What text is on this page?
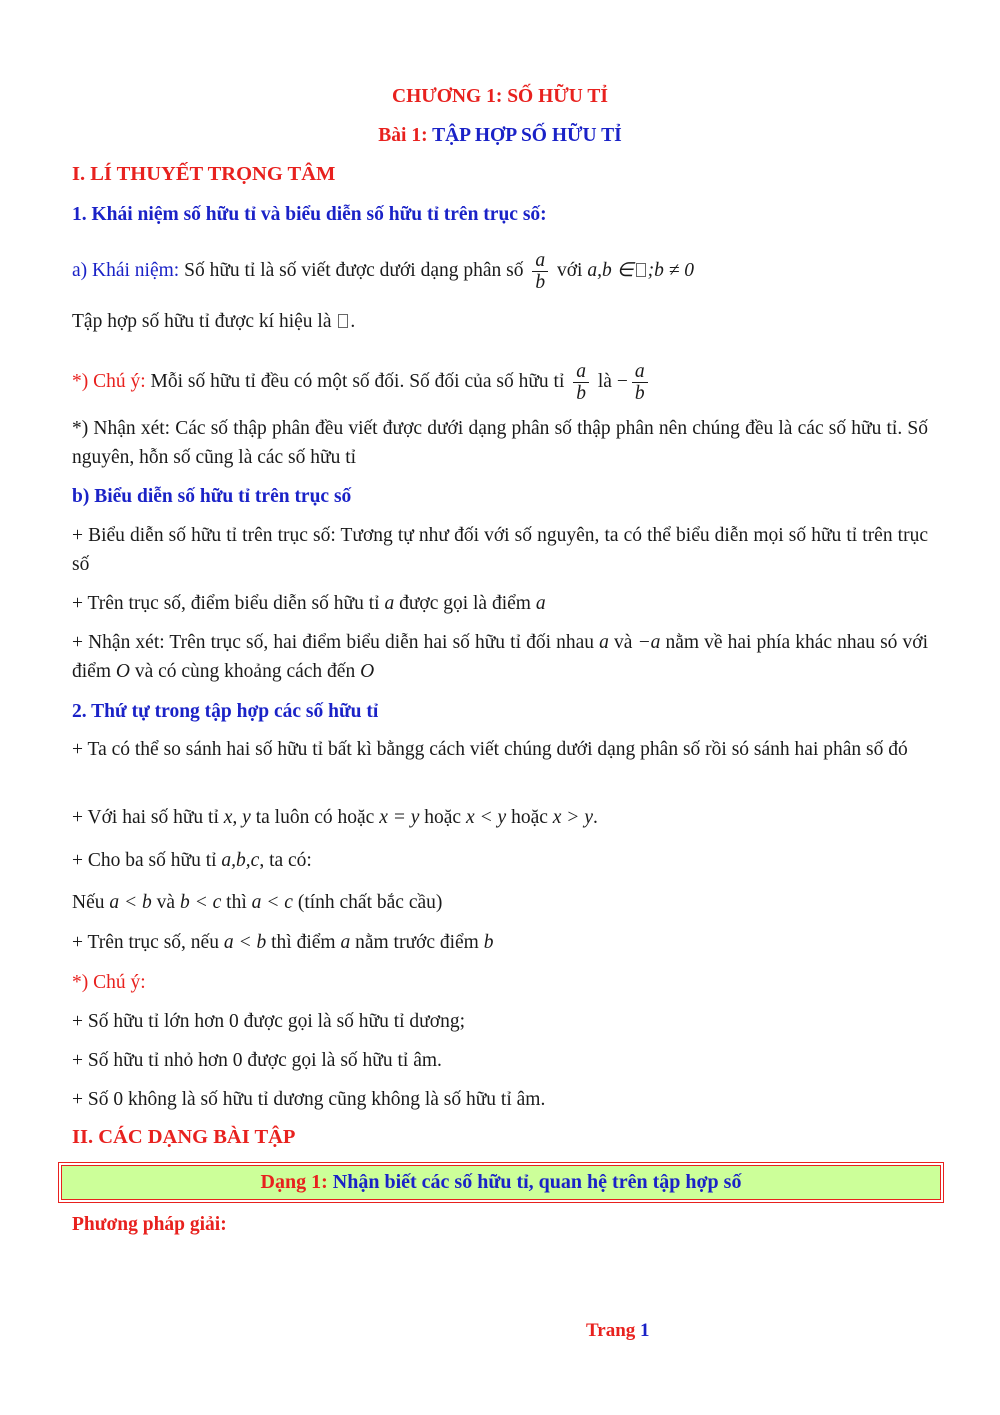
CHƯƠNG 1: SỐ HỮU TỈ
Bài 1: TẬP HỢP SỐ HỮU TỈ
I. LÍ THUYẾT TRỌNG TÂM
1. Khái niệm số hữu tỉ và biểu diễn số hữu tỉ trên trục số:
a) Khái niệm: Số hữu tỉ là số viết được dưới dạng phân số $\frac{a}{b}$ với a,b ∈ ;b ≠ 0
Tập hợp số hữu tỉ được kí hiệu là .
*) Chú ý: Mỗi số hữu tỉ đều có một số đối. Số đối của số hữu tỉ $\frac{a}{b}$ là − $\frac{a}{b}$
*) Nhận xét: Các số thập phân đều viết được dưới dạng phân số thập phân nên chúng đều là các số hữu tỉ. Số nguyên, hỗn số cũng là các số hữu tỉ
b) Biểu diễn số hữu tỉ trên trục số
+ Biểu diễn số hữu tỉ trên trục số: Tương tự như đối với số nguyên, ta có thể biểu diễn mọi số hữu tỉ trên trục số
+ Trên trục số, điểm biểu diễn số hữu tỉ a được gọi là điểm a
+ Nhận xét: Trên trục số, hai điểm biểu diễn hai số hữu tỉ đối nhau a và −a nằm về hai phía khác nhau só với điểm O và có cùng khoảng cách đến O
2. Thứ tự trong tập hợp các số hữu tỉ
+ Ta có thể so sánh hai số hữu tỉ bất kì bằngg cách viết chúng dưới dạng phân số rồi só sánh hai phân số đó
+ Với hai số hữu tỉ x, y ta luôn có hoặc x = y hoặc x < y hoặc x > y.
+ Cho ba số hữu tỉ a,b,c, ta có:
Nếu a < b và b < c thì a < c (tính chất bắc cầu)
+ Trên trục số, nếu a < b thì điểm a nằm trước điểm b
*) Chú ý:
+ Số hữu tỉ lớn hơn 0 được gọi là số hữu tỉ dương;
+ Số hữu tỉ nhỏ hơn 0 được gọi là số hữu tỉ âm.
+ Số 0 không là số hữu tỉ dương cũng không là số hữu tỉ âm.
II. CÁC DẠNG BÀI TẬP
Dạng 1: Nhận biết các số hữu tỉ, quan hệ trên tập hợp số
Phương pháp giải:
Trang 1
